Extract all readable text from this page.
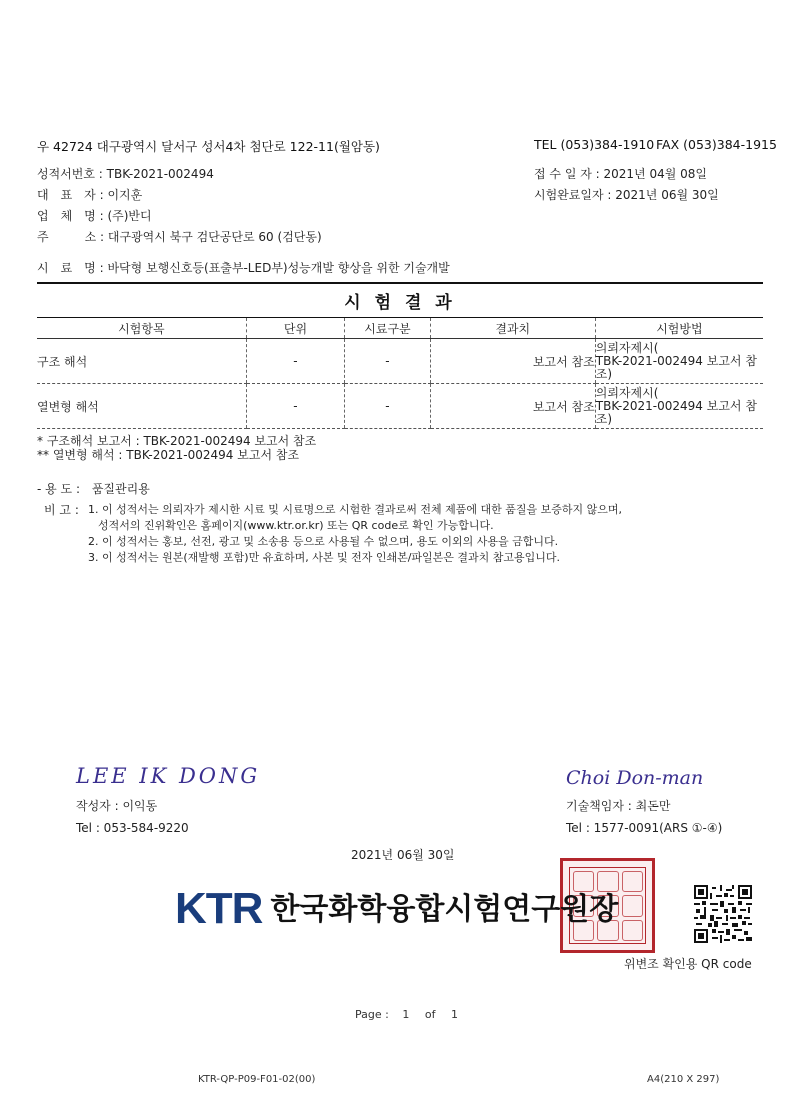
우 42724 대구광역시 달서구 성서4차 첨단로 122-11(월암동)	TEL (053)384-1910 FAX (053)384-1915
성적서번호 : TBK-2021-002494
대　표　자 : 이지훈
업　체　명 : (주)반디
주　　　소 : 대구광역시 북구 검단공단로 60 (검단동)
접 수 일 자 : 2021년 04월 08일
시험완료일자 : 2021년 06월 30일
시　료　명 : 바닥형 보행신호등(표출부-LED부)성능개발 향상을 위한 기술개발
시 험 결 과
시험항목	단위	시료구분	결과치	시험방법
구조 해석	-	-	보고서 참조	의뢰자제시(
TBK-2021-002494 보고서 참
조)

열변형 해석	-	-	보고서 참조	의뢰자제시(
TBK-2021-002494 보고서 참
조)
* 구조해석 보고서 : TBK-2021-002494 보고서 참조
** 열변형 해석 : TBK-2021-002494 보고서 참조
- 용 도 : 품질관리용
비 고 : 1. 이 성적서는 의뢰자가 제시한 시료 및 시료명으로 시험한 결과로써 전체 제품에 대한 품질을 보증하지 않으며,
성적서의 진위확인은 홈페이지(www.ktr.or.kr) 또는 QR code로 확인 가능합니다.
2. 이 성적서는 홍보, 선전, 광고 및 소송용 등으로 사용될 수 없으며, 용도 이외의 사용을 금합니다.
3. 이 성적서는 원본(재발행 포함)만 유효하며, 사본 및 전자 인쇄본/파일본은 결과치 참고용입니다.
LEE IK DONG
작성자 : 이익동
Tel : 053-584-9220
Choi Don-man
기술책임자 : 최돈만
Tel : 1577-0091(ARS ①-④)
2021년 06월 30일
KTR 한국화학융합시험연구원장
위변조 확인용 QR code
Page : 1 of 1
KTR-QP-P09-F01-02(00)	A4(210 X 297)
